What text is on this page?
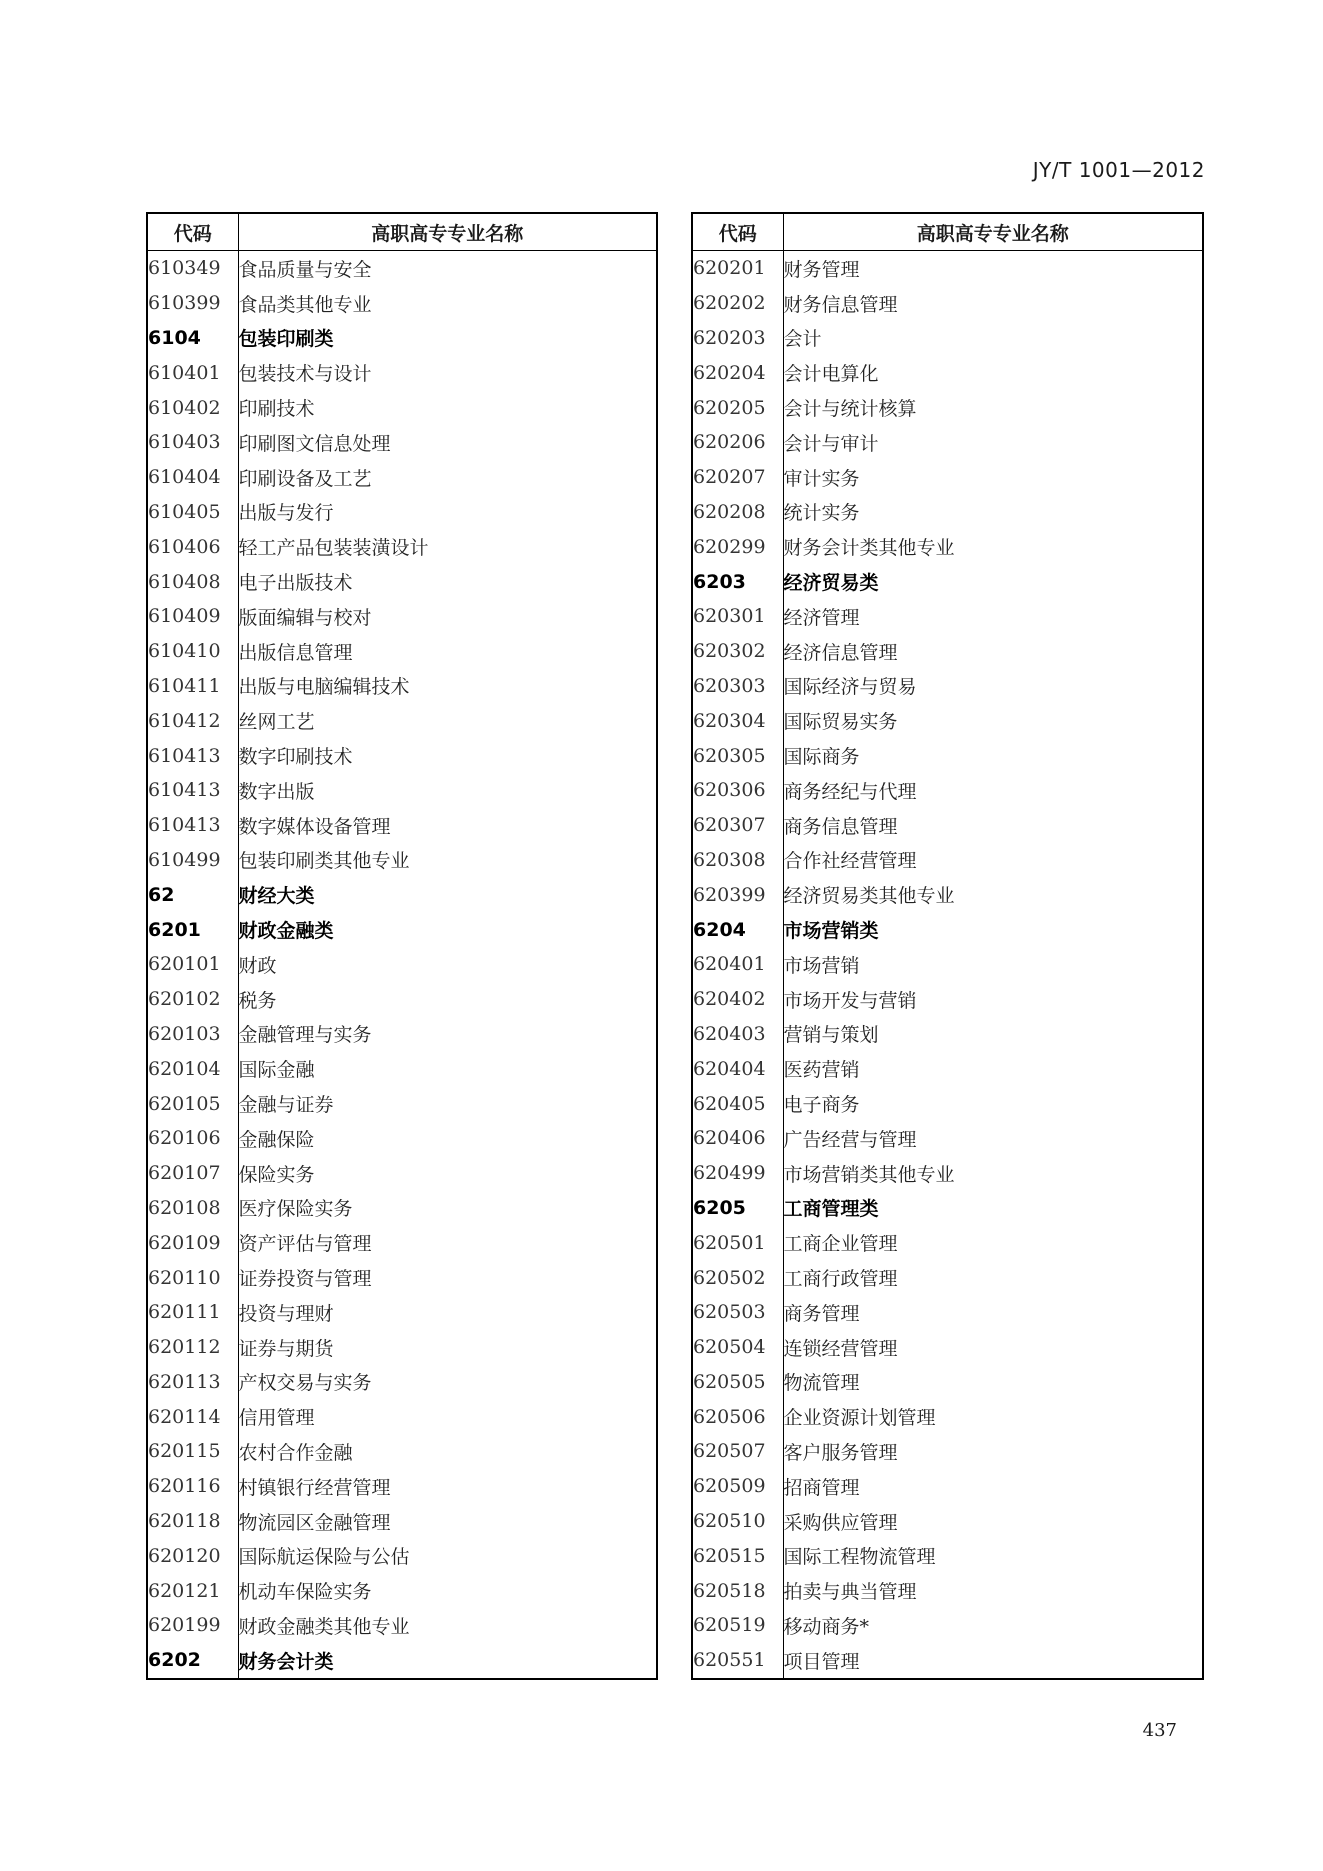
JY/T 1001—2012
代码	高职高专专业名称
610349	食品质量与安全
610399	食品类其他专业
6104	包装印刷类
610401	包装技术与设计
610402	印刷技术
610403	印刷图文信息处理
610404	印刷设备及工艺
610405	出版与发行
610406	轻工产品包装装潢设计
610408	电子出版技术
610409	版面编辑与校对
610410	出版信息管理
610411	出版与电脑编辑技术
610412	丝网工艺
610413	数字印刷技术
610413	数字出版
610413	数字媒体设备管理
610499	包装印刷类其他专业
62	财经大类
6201	财政金融类
620101	财政
620102	税务
620103	金融管理与实务
620104	国际金融
620105	金融与证券
620106	金融保险
620107	保险实务
620108	医疗保险实务
620109	资产评估与管理
620110	证券投资与管理
620111	投资与理财
620112	证券与期货
620113	产权交易与实务
620114	信用管理
620115	农村合作金融
620116	村镇银行经营管理
620118	物流园区金融管理
620120	国际航运保险与公估
620121	机动车保险实务
620199	财政金融类其他专业
6202	财务会计类
代码	高职高专专业名称
620201	财务管理
620202	财务信息管理
620203	会计
620204	会计电算化
620205	会计与统计核算
620206	会计与审计
620207	审计实务
620208	统计实务
620299	财务会计类其他专业
6203	经济贸易类
620301	经济管理
620302	经济信息管理
620303	国际经济与贸易
620304	国际贸易实务
620305	国际商务
620306	商务经纪与代理
620307	商务信息管理
620308	合作社经营管理
620399	经济贸易类其他专业
6204	市场营销类
620401	市场营销
620402	市场开发与营销
620403	营销与策划
620404	医药营销
620405	电子商务
620406	广告经营与管理
620499	市场营销类其他专业
6205	工商管理类
620501	工商企业管理
620502	工商行政管理
620503	商务管理
620504	连锁经营管理
620505	物流管理
620506	企业资源计划管理
620507	客户服务管理
620509	招商管理
620510	采购供应管理
620515	国际工程物流管理
620518	拍卖与典当管理
620519	移动商务*
620551	项目管理
437
